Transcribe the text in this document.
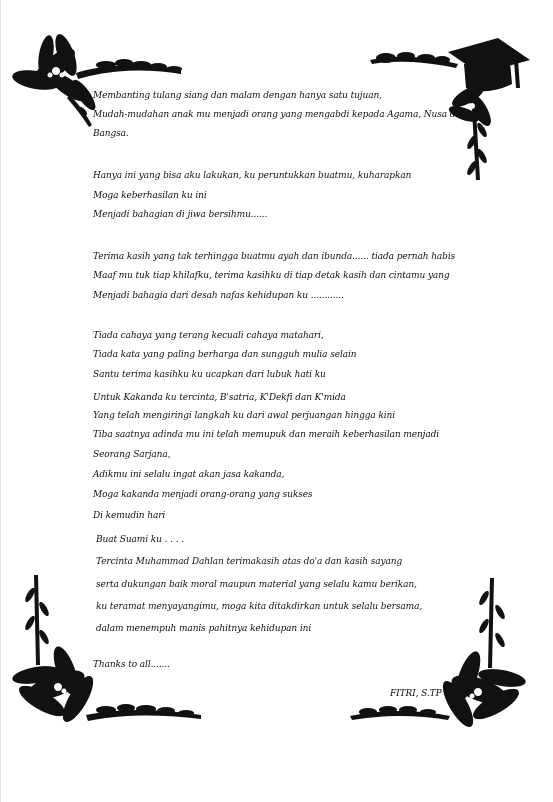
Membanting tulang siang dan malam dengan hanya satu tujuan,
Mudah-mudahan anak mu menjadi orang yang mengabdi kepada Agama, Nusa dan
Bangsa.
Hanya ini yang bisa aku lakukan, ku peruntukkan buatmu, kuharapkan
Moga keberhasilan ku ini
Menjadi bahagian di jiwa bersihmu......
Terima kasih yang tak terhingga buatmu ayah dan ibunda...... tiada pernah habis
Maaf mu tuk tiap khilafku, terima kasihku di tiap detak kasih dan cintamu yang
Menjadi bahagia dari desah nafas kehidupan ku ............
Tiada cahaya yang terang kecuali cahaya matahari,
Tiada kata yang paling berharga dan sungguh mulia selain
Santu terima kasihku ku ucapkan dari lubuk hati ku
Untuk Kakanda ku tercinta, B'satria, K'Dekfi dan K'mida
Yang telah mengiringi langkah ku dari awal perjuangan hingga kini
Tiba saatnya adinda mu ini telah memupuk dan meraih keberhasilan menjadi
Seorang Sarjana,
Adikmu ini selalu ingat akan jasa kakanda,
Moga kakanda menjadi orang-orang yang sukses
Di kemudin hari
Buat Suami ku . . . .
Tercinta Muhammad Dahlan terimakasih atas do'a dan kasih sayang
serta dukungan baik moral maupun material yang selalu kamu berikan,
ku teramat menyayangimu, moga kita ditakdirkan untuk selalu bersama,
dalam menempuh manis pahitnya kehidupan ini
Thanks to all.......
FITRI, S.TP
